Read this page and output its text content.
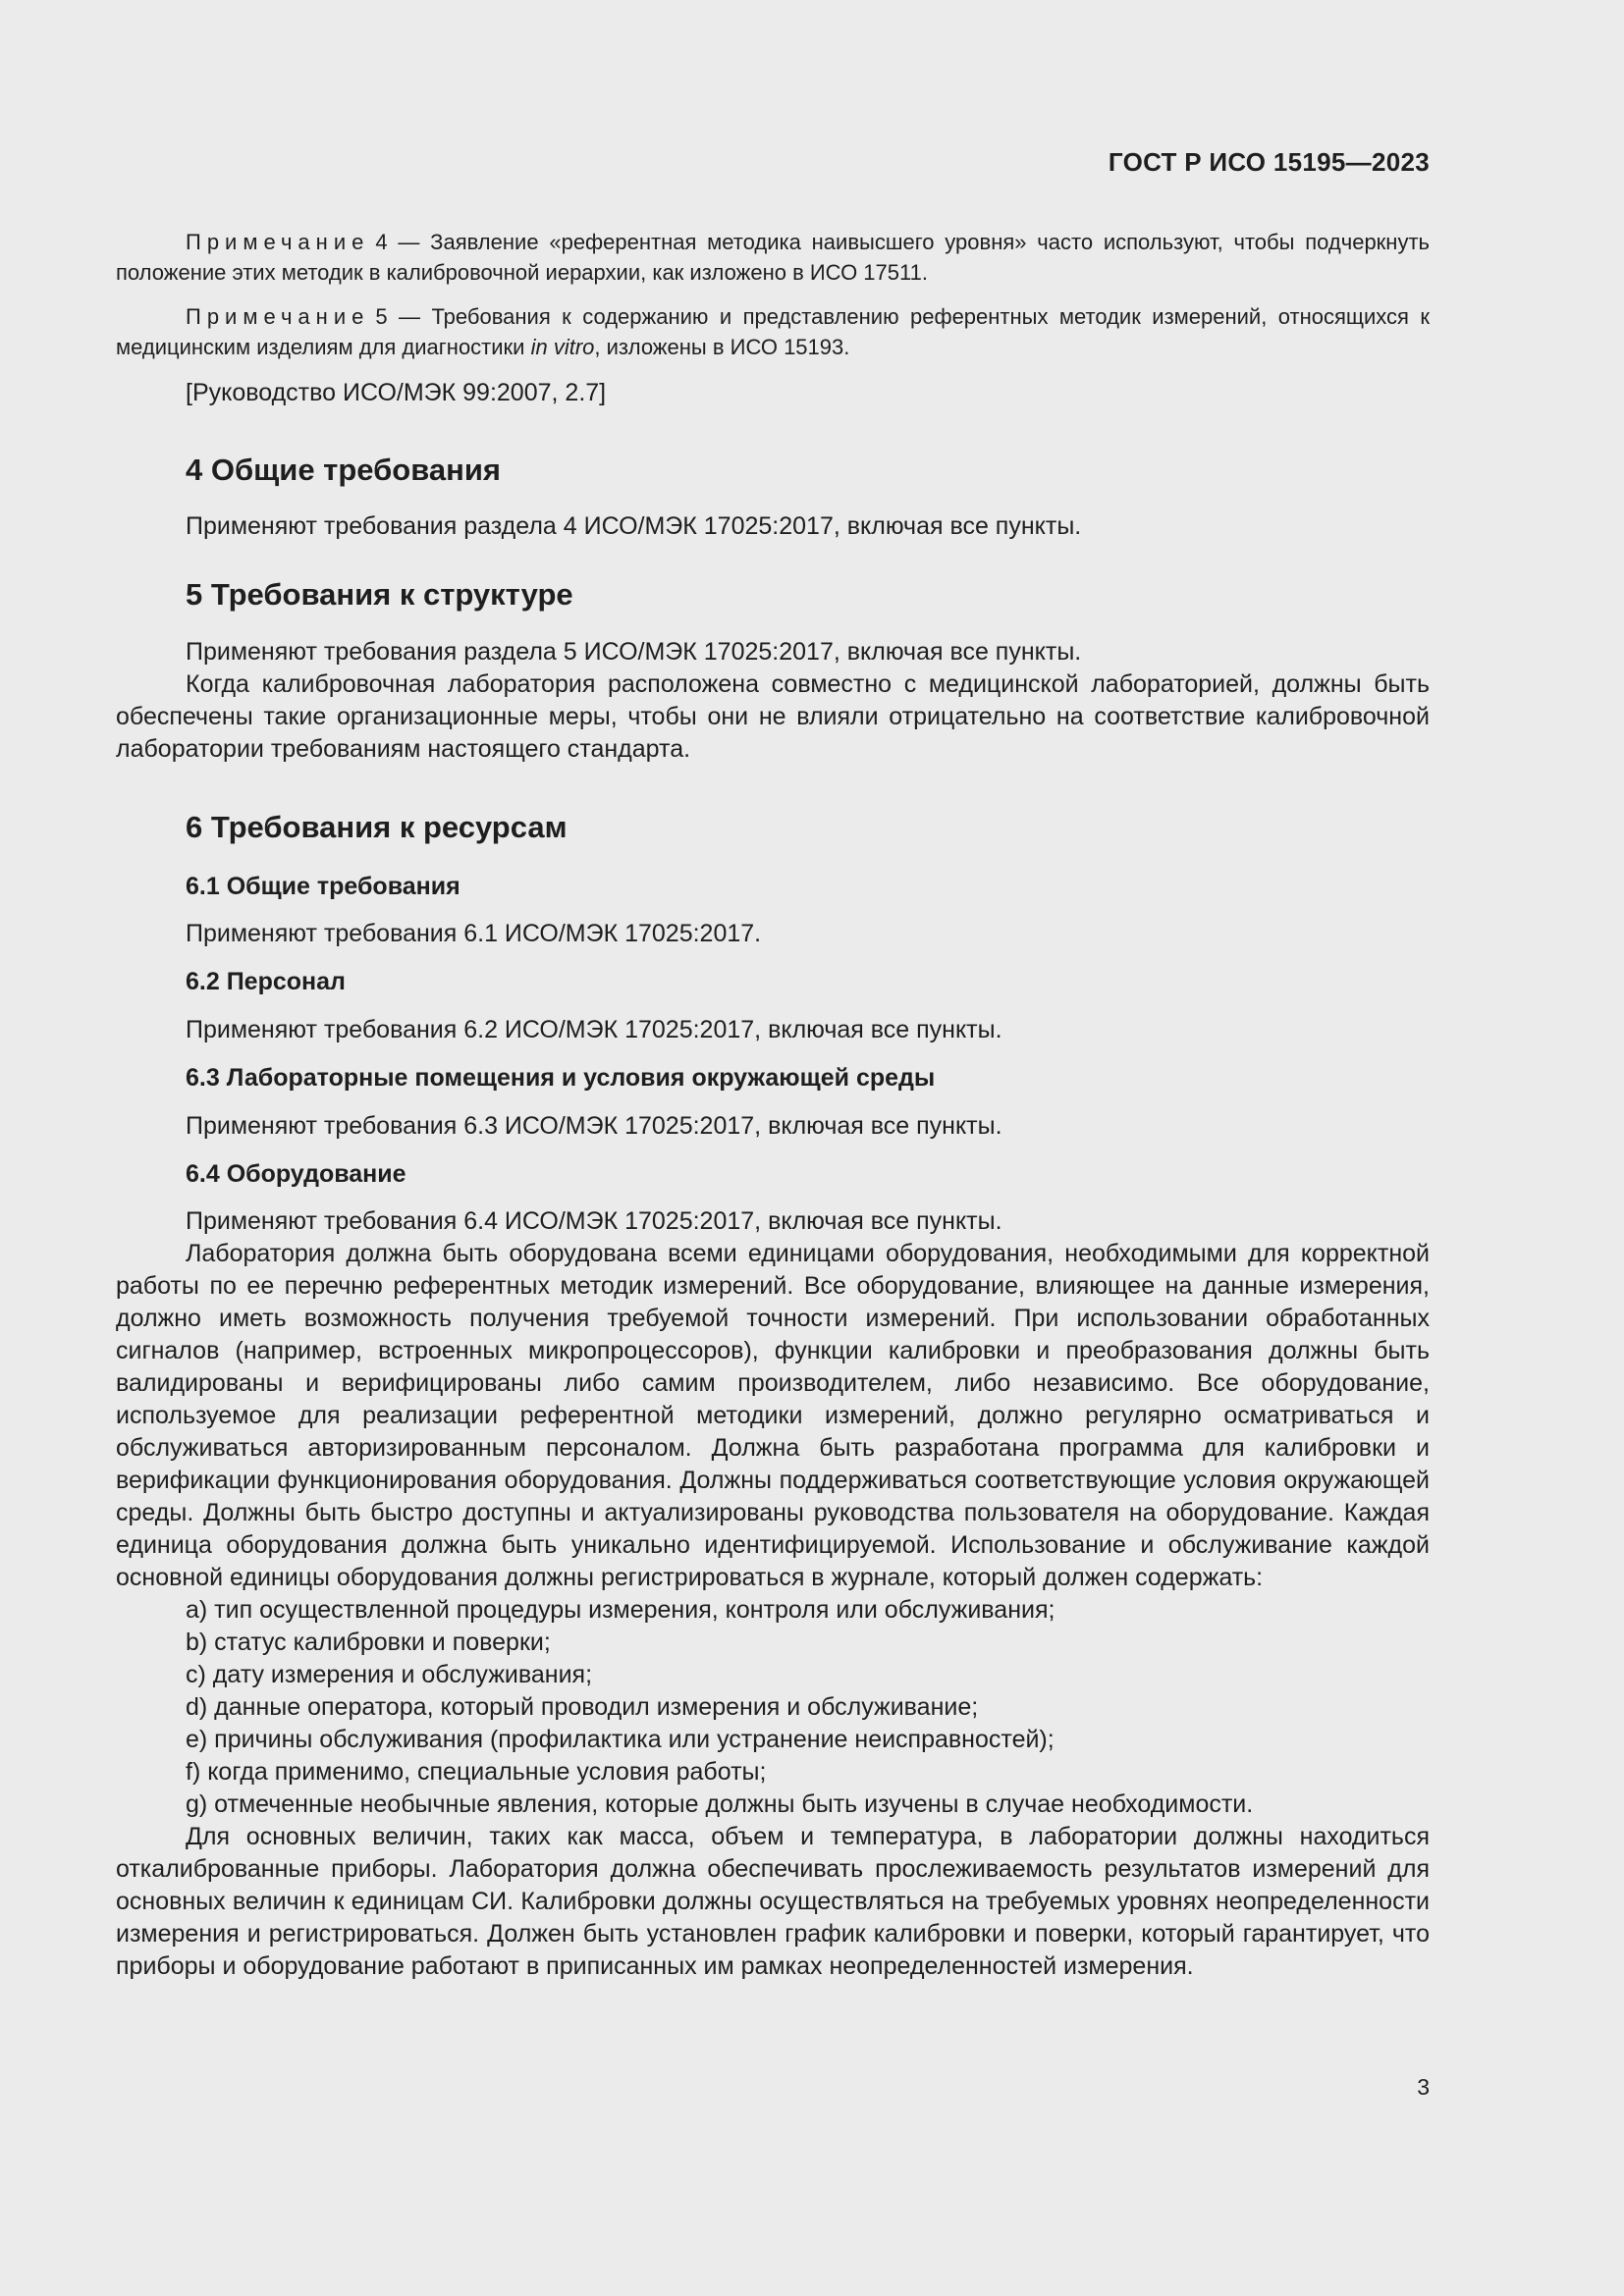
ГОСТ Р ИСО 15195—2023
Примечание 4 — Заявление «референтная методика наивысшего уровня» часто используют, чтобы подчеркнуть положение этих методик в калибровочной иерархии, как изложено в ИСО 17511.
Примечание 5 — Требования к содержанию и представлению референтных методик измерений, относящихся к медицинским изделиям для диагностики in vitro, изложены в ИСО 15193.
[Руководство ИСО/МЭК 99:2007, 2.7]
4 Общие требования
Применяют требования раздела 4 ИСО/МЭК 17025:2017, включая все пункты.
5 Требования к структуре

Применяют требования раздела 5 ИСО/МЭК 17025:2017, включая все пункты.

Когда калибровочная лаборатория расположена совместно с медицинской лабораторией, должны быть обеспечены такие организационные меры, чтобы они не влияли отрицательно на соответствие калибровочной лаборатории требованиям настоящего стандарта.

6 Требования к ресурсам
6.1 Общие требования
Применяют требования 6.1 ИСО/МЭК 17025:2017.
6.2 Персонал
Применяют требования 6.2 ИСО/МЭК 17025:2017, включая все пункты.
6.3 Лабораторные помещения и условия окружающей среды
Применяют требования 6.3 ИСО/МЭК 17025:2017, включая все пункты.
6.4 Оборудование

Применяют требования 6.4 ИСО/МЭК 17025:2017, включая все пункты.

Лаборатория должна быть оборудована всеми единицами оборудования, необходимыми для корректной работы по ее перечню референтных методик измерений. Все оборудование, влияющее на данные измерения, должно иметь возможность получения требуемой точности измерений. При использовании обработанных сигналов (например, встроенных микропроцессоров), функции калибровки и преобразования должны быть валидированы и верифицированы либо самим производителем, либо независимо. Все оборудование, используемое для реализации референтной методики измерений, должно регулярно осматриваться и обслуживаться авторизированным персоналом. Должна быть разработана программа для калибровки и верификации функционирования оборудования. Должны поддерживаться соответствующие условия окружающей среды. Должны быть быстро доступны и актуализированы руководства пользователя на оборудование. Каждая единица оборудования должна быть уникально идентифицируемой. Использование и обслуживание каждой основной единицы оборудования должны регистрироваться в журнале, который должен содержать:

a) тип осуществленной процедуры измерения, контроля или обслуживания;

b) статус калибровки и поверки;

c) дату измерения и обслуживания;

d) данные оператора, который проводил измерения и обслуживание;

e) причины обслуживания (профилактика или устранение неисправностей);

f) когда применимо, специальные условия работы;

g) отмеченные необычные явления, которые должны быть изучены в случае необходимости.

Для основных величин, таких как масса, объем и температура, в лаборатории должны находиться откалиброванные приборы. Лаборатория должна обеспечивать прослеживаемость результатов измерений для основных величин к единицам СИ. Калибровки должны осуществляться на требуемых уровнях неопределенности измерения и регистрироваться. Должен быть установлен график калибровки и поверки, который гарантирует, что приборы и оборудование работают в приписанных им рамках неопределенностей измерения.

3
